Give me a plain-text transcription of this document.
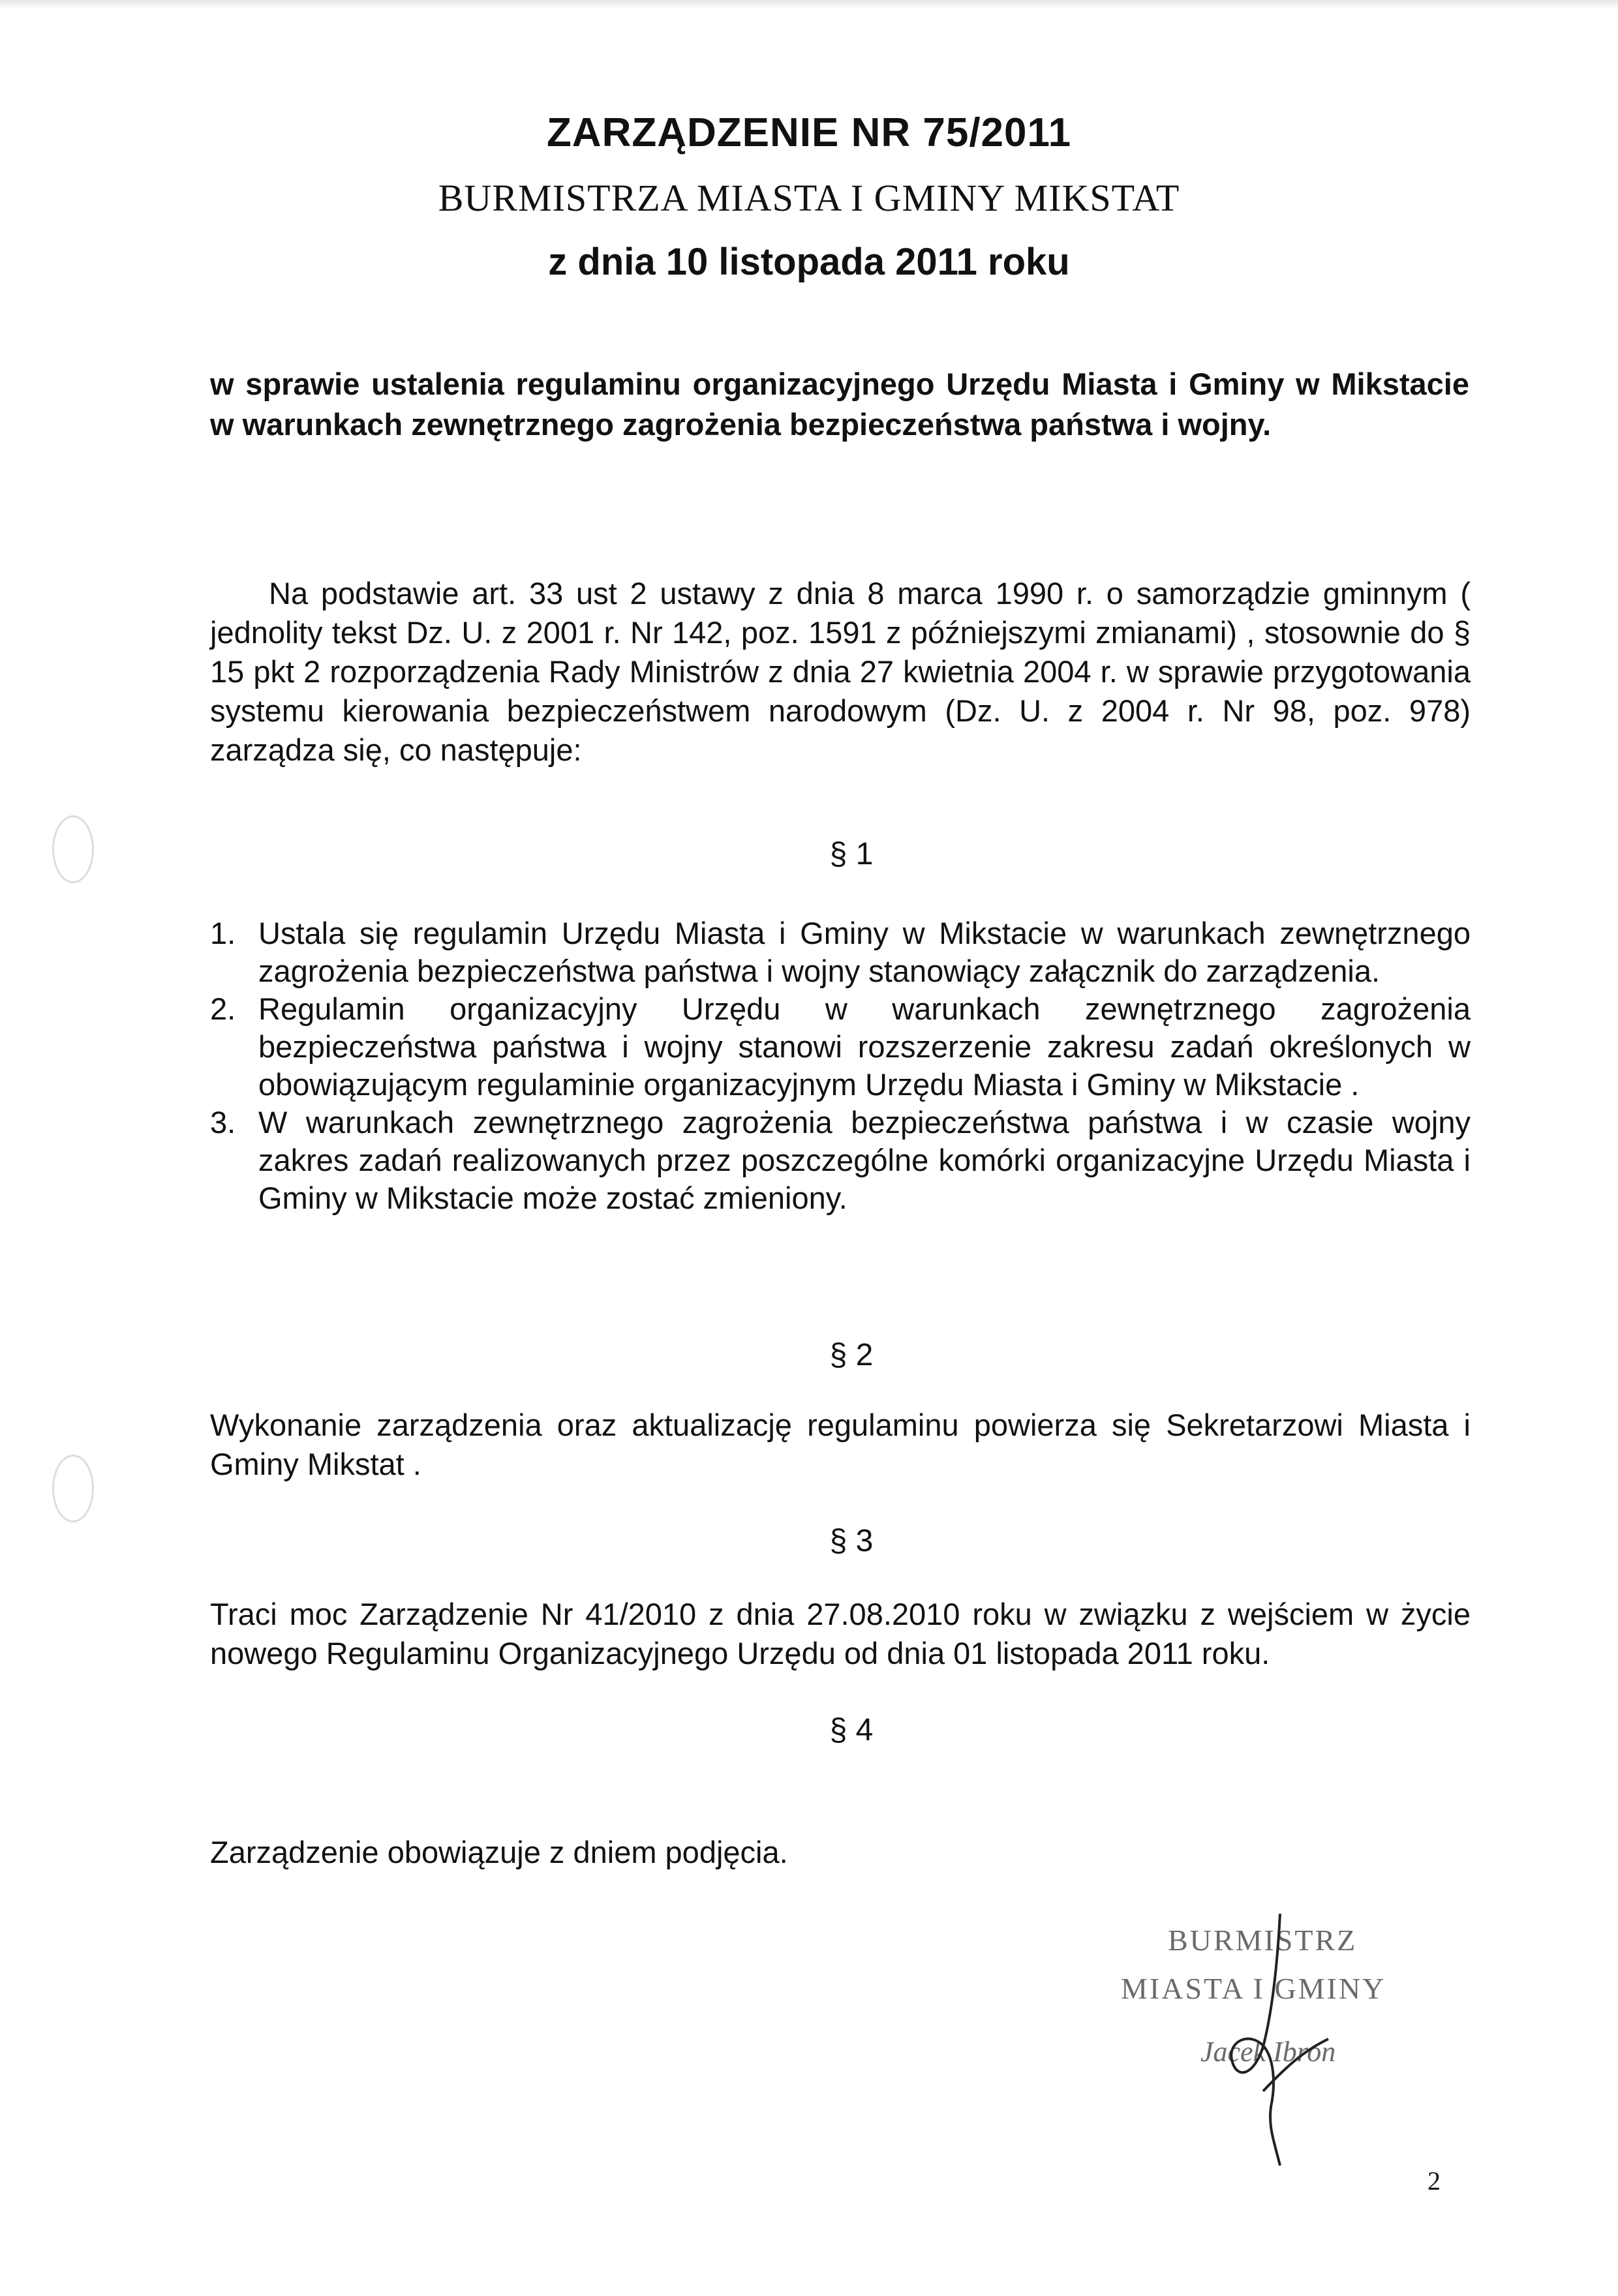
ZARZĄDZENIE NR 75/2011
BURMISTRZA MIASTA I GMINY MIKSTAT
z dnia 10 listopada 2011 roku
w sprawie ustalenia regulaminu organizacyjnego Urzędu Miasta i Gminy w Mikstacie w warunkach zewnętrznego zagrożenia bezpieczeństwa państwa i wojny.
Na podstawie art. 33 ust 2 ustawy z dnia 8 marca 1990 r. o samorządzie gminnym ( jednolity tekst Dz. U. z 2001 r. Nr 142, poz. 1591 z późniejszymi zmianami) , stosownie do § 15 pkt 2 rozporządzenia Rady Ministrów z dnia 27 kwietnia 2004 r. w sprawie przygotowania systemu kierowania bezpieczeństwem narodowym (Dz. U. z 2004 r. Nr 98, poz. 978) zarządza się, co następuje:
§ 1
1. Ustala się regulamin Urzędu Miasta i Gminy w Mikstacie w warunkach zewnętrznego zagrożenia bezpieczeństwa państwa i wojny stanowiący załącznik do zarządzenia.
2. Regulamin organizacyjny Urzędu w warunkach zewnętrznego zagrożenia bezpieczeństwa państwa i wojny stanowi rozszerzenie zakresu zadań określonych w obowiązującym regulaminie organizacyjnym Urzędu Miasta i Gminy w Mikstacie .
3. W warunkach zewnętrznego zagrożenia bezpieczeństwa państwa i w czasie wojny zakres zadań realizowanych przez poszczególne komórki organizacyjne Urzędu Miasta i Gminy w Mikstacie może zostać zmieniony.
§ 2
Wykonanie zarządzenia oraz aktualizację regulaminu powierza się Sekretarzowi Miasta i Gminy Mikstat .
§ 3
Traci moc Zarządzenie Nr 41/2010 z dnia 27.08.2010 roku w związku z wejściem w życie nowego Regulaminu Organizacyjnego Urzędu od dnia 01 listopada 2011 roku.
§ 4
Zarządzenie obowiązuje z dniem podjęcia.
BURMISTRZ
MIASTA I GMINY
Jacek Ibron
2
